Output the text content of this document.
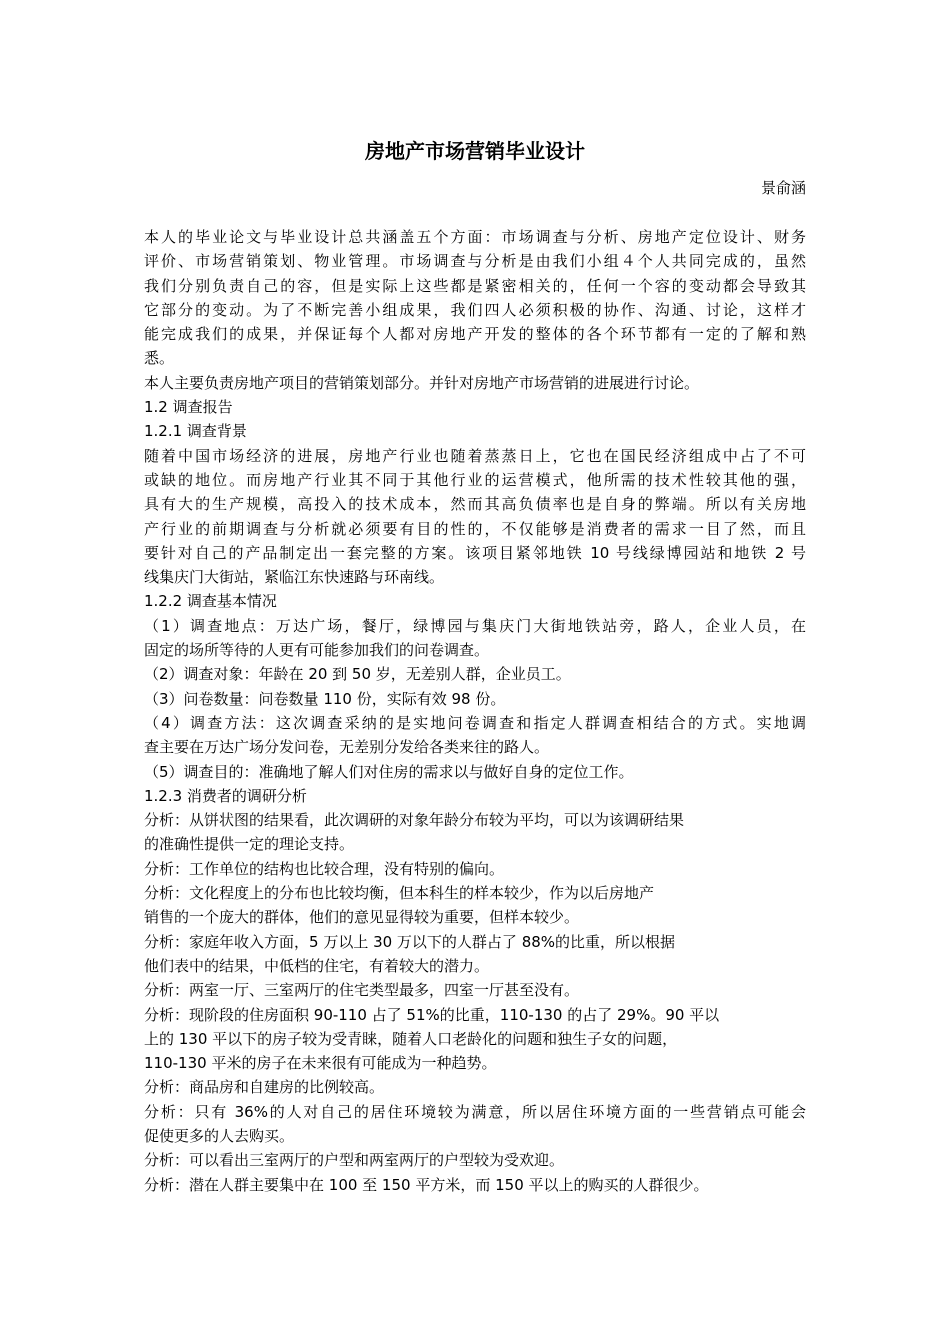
房地产市场营销毕业设计
景俞涵
本人的毕业论文与毕业设计总共涵盖五个方面：市场调查与分析、房地产定位设计、财务
评价、市场营销策划、物业管理。市场调查与分析是由我们小组４个人共同完成的，虽然
我们分别负责自己的容，但是实际上这些都是紧密相关的，任何一个容的变动都会导致其
它部分的变动。为了不断完善小组成果，我们四人必须积极的协作、沟通、讨论，这样才
能完成我们的成果，并保证每个人都对房地产开发的整体的各个环节都有一定的了解和熟
悉。
本人主要负责房地产项目的营销策划部分。并针对房地产市场营销的进展进行讨论。
1.2 调查报告
1.2.1 调查背景
随着中国市场经济的进展，房地产行业也随着蒸蒸日上，它也在国民经济组成中占了不可
或缺的地位。而房地产行业其不同于其他行业的运营模式，他所需的技术性较其他的强，
具有大的生产规模，高投入的技术成本，然而其高负债率也是自身的弊端。所以有关房地
产行业的前期调查与分析就必须要有目的性的，不仅能够是消费者的需求一目了然，而且
要针对自己的产品制定出一套完整的方案。该项目紧邻地铁 10 号线绿博园站和地铁 2 号
线集庆门大街站，紧临江东快速路与环南线。
1.2.2 调查基本情况
（1）调查地点：万达广场，餐厅，绿博园与集庆门大街地铁站旁，路人，企业人员，在
固定的场所等待的人更有可能参加我们的问卷调查。
（2）调查对象：年龄在 20 到 50 岁，无差别人群，企业员工。
（3）问卷数量：问卷数量 110 份，实际有效 98 份。
（4）调查方法：这次调查采纳的是实地问卷调查和指定人群调查相结合的方式。实地调
查主要在万达广场分发问卷，无差别分发给各类来往的路人。
（5）调查目的：准确地了解人们对住房的需求以与做好自身的定位工作。
1.2.3 消费者的调研分析
分析：从饼状图的结果看，此次调研的对象年龄分布较为平均，可以为该调研结果
的准确性提供一定的理论支持。
分析：工作单位的结构也比较合理，没有特别的偏向。
分析：文化程度上的分布也比较均衡，但本科生的样本较少，作为以后房地产
销售的一个庞大的群体，他们的意见显得较为重要，但样本较少。
分析：家庭年收入方面，5 万以上 30 万以下的人群占了 88%的比重，所以根据
他们表中的结果，中低档的住宅，有着较大的潜力。
分析：两室一厅、三室两厅的住宅类型最多，四室一厅甚至没有。
分析：现阶段的住房面积 90-110 占了 51%的比重，110-130 的占了 29%。90 平以
上的 130 平以下的房子较为受青睐，随着人口老龄化的问题和独生子女的问题，
110-130 平米的房子在未来很有可能成为一种趋势。
分析：商品房和自建房的比例较高。
分析：只有 36%的人对自己的居住环境较为满意，所以居住环境方面的一些营销点可能会
促使更多的人去购买。
分析：可以看出三室两厅的户型和两室两厅的户型较为受欢迎。
分析：潜在人群主要集中在 100 至 150 平方米，而 150 平以上的购买的人群很少。
